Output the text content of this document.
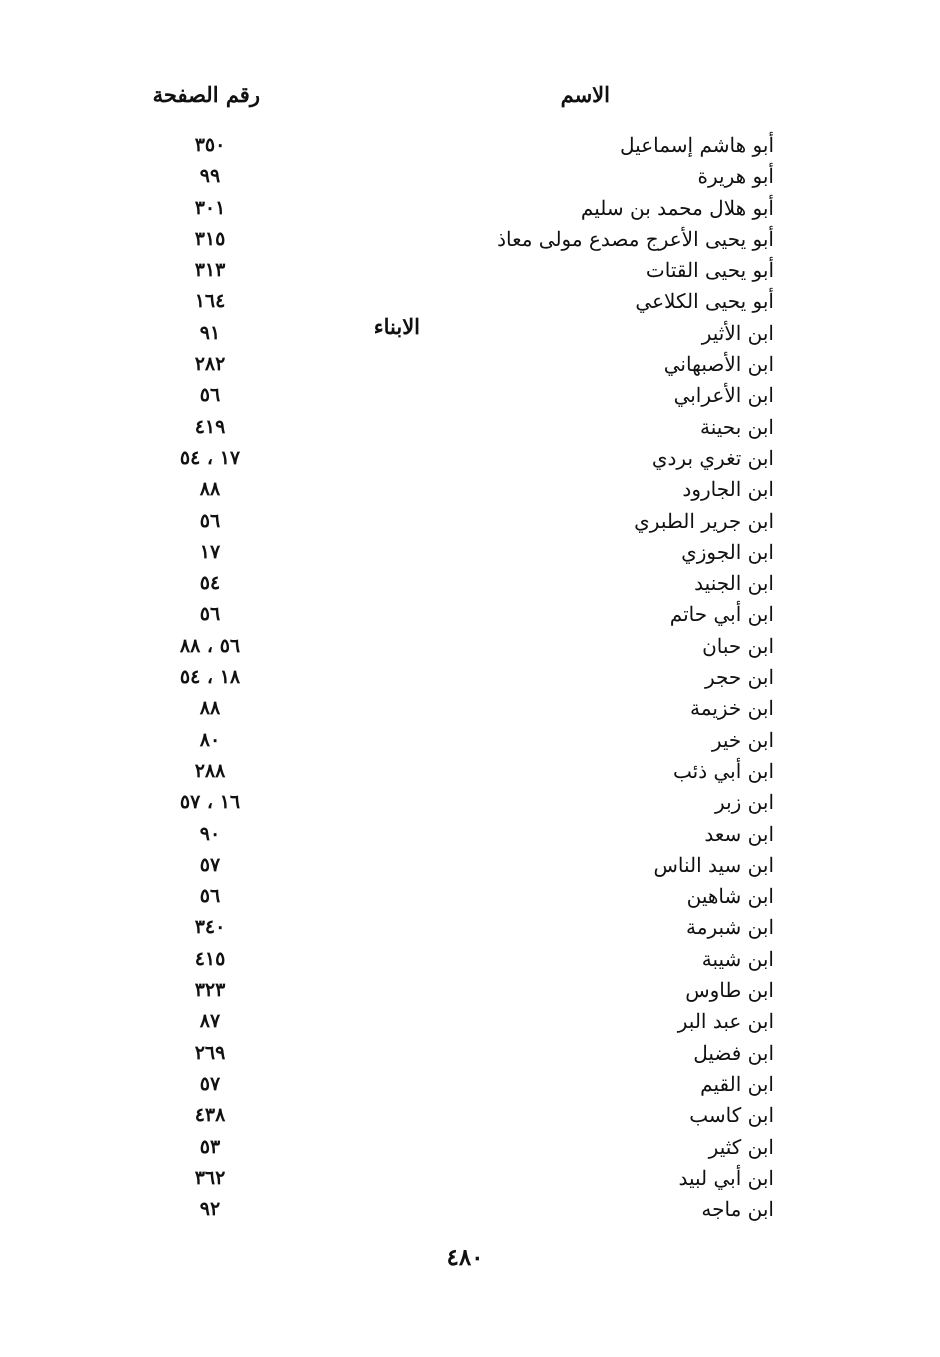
الاسم
رقم الصفحة
الابناء
أبو هاشم إسماعيل
٣٥٠
أبو هريرة
٩٩
أبو هلال محمد بن سليم
٣٠١
أبو يحيى الأعرج مصدع مولى معاذ
٣١٥
أبو يحيى القتات
٣١٣
أبو يحيى الكلاعي
١٦٤
ابن الأثير
٩١
ابن الأصبهاني
٢٨٢
ابن الأعرابي
٥٦
ابن بحينة
٤١٩
ابن تغري بردي
١٧ ، ٥٤
ابن الجارود
٨٨
ابن جرير الطبري
٥٦
ابن الجوزي
١٧
ابن الجنيد
٥٤
ابن أبي حاتم
٥٦
ابن حبان
٥٦ ، ٨٨
ابن حجر
١٨ ، ٥٤
ابن خزيمة
٨٨
ابن خير
٨٠
ابن أبي ذئب
٢٨٨
ابن زبر
١٦ ، ٥٧
ابن سعد
٩٠
ابن سيد الناس
٥٧
ابن شاهين
٥٦
ابن شبرمة
٣٤٠
ابن شيبة
٤١٥
ابن طاوس
٣٢٣
ابن عبد البر
٨٧
ابن فضيل
٢٦٩
ابن القيم
٥٧
ابن كاسب
٤٣٨
ابن كثير
٥٣
ابن أبي لبيد
٣٦٢
ابن ماجه
٩٢
٤٨٠
